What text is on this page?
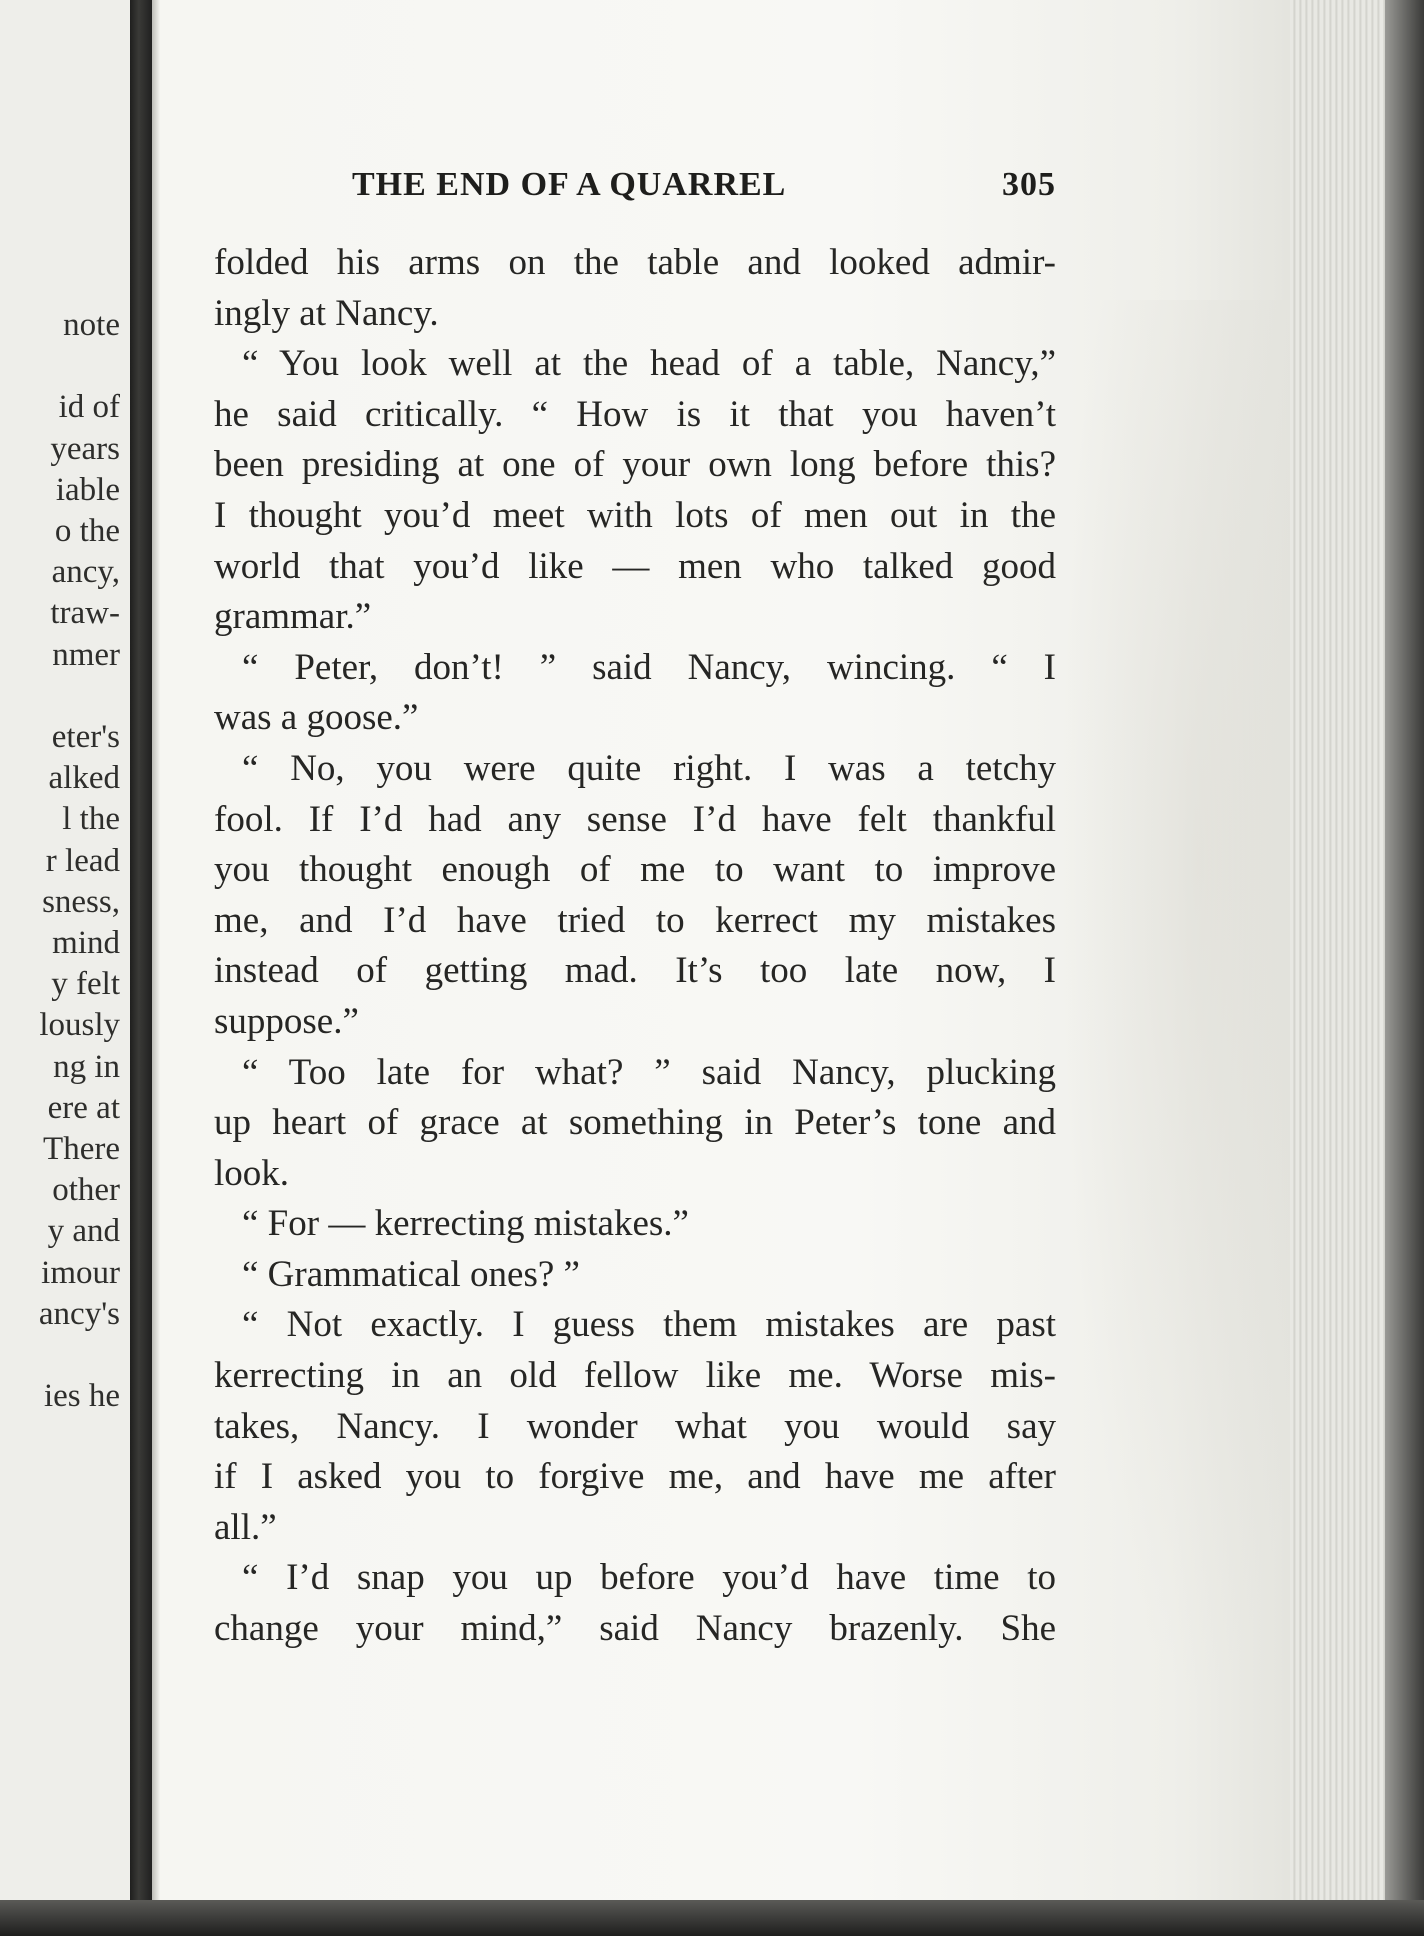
note
id of
years
iable
o the
ancy,
traw-
nmer
eter's
alked
l the
r lead
sness,
mind
y felt
lously
ng in
ere at
There
other
y and
imour
ancy's
ies he
THE END OF A QUARREL	305
folded his arms on the table and looked admir-
ingly at Nancy.
“ You look well at the head of a table, Nancy,”
he said critically. “ How is it that you haven’t
been presiding at one of your own long before this?
I thought you’d meet with lots of men out in the
world that you’d like — men who talked good
grammar.”
“ Peter, don’t! ” said Nancy, wincing. “ I
was a goose.”
“ No, you were quite right. I was a tetchy
fool. If I’d had any sense I’d have felt thankful
you thought enough of me to want to improve
me, and I’d have tried to kerrect my mistakes
instead of getting mad. It’s too late now, I
suppose.”
“ Too late for what? ” said Nancy, plucking
up heart of grace at something in Peter’s tone and
look.
“ For — kerrecting mistakes.”
“ Grammatical ones? ”
“ Not exactly. I guess them mistakes are past
kerrecting in an old fellow like me. Worse mis-
takes, Nancy. I wonder what you would say
if I asked you to forgive me, and have me after
all.”
“ I’d snap you up before you’d have time to
change your mind,” said Nancy brazenly. She
